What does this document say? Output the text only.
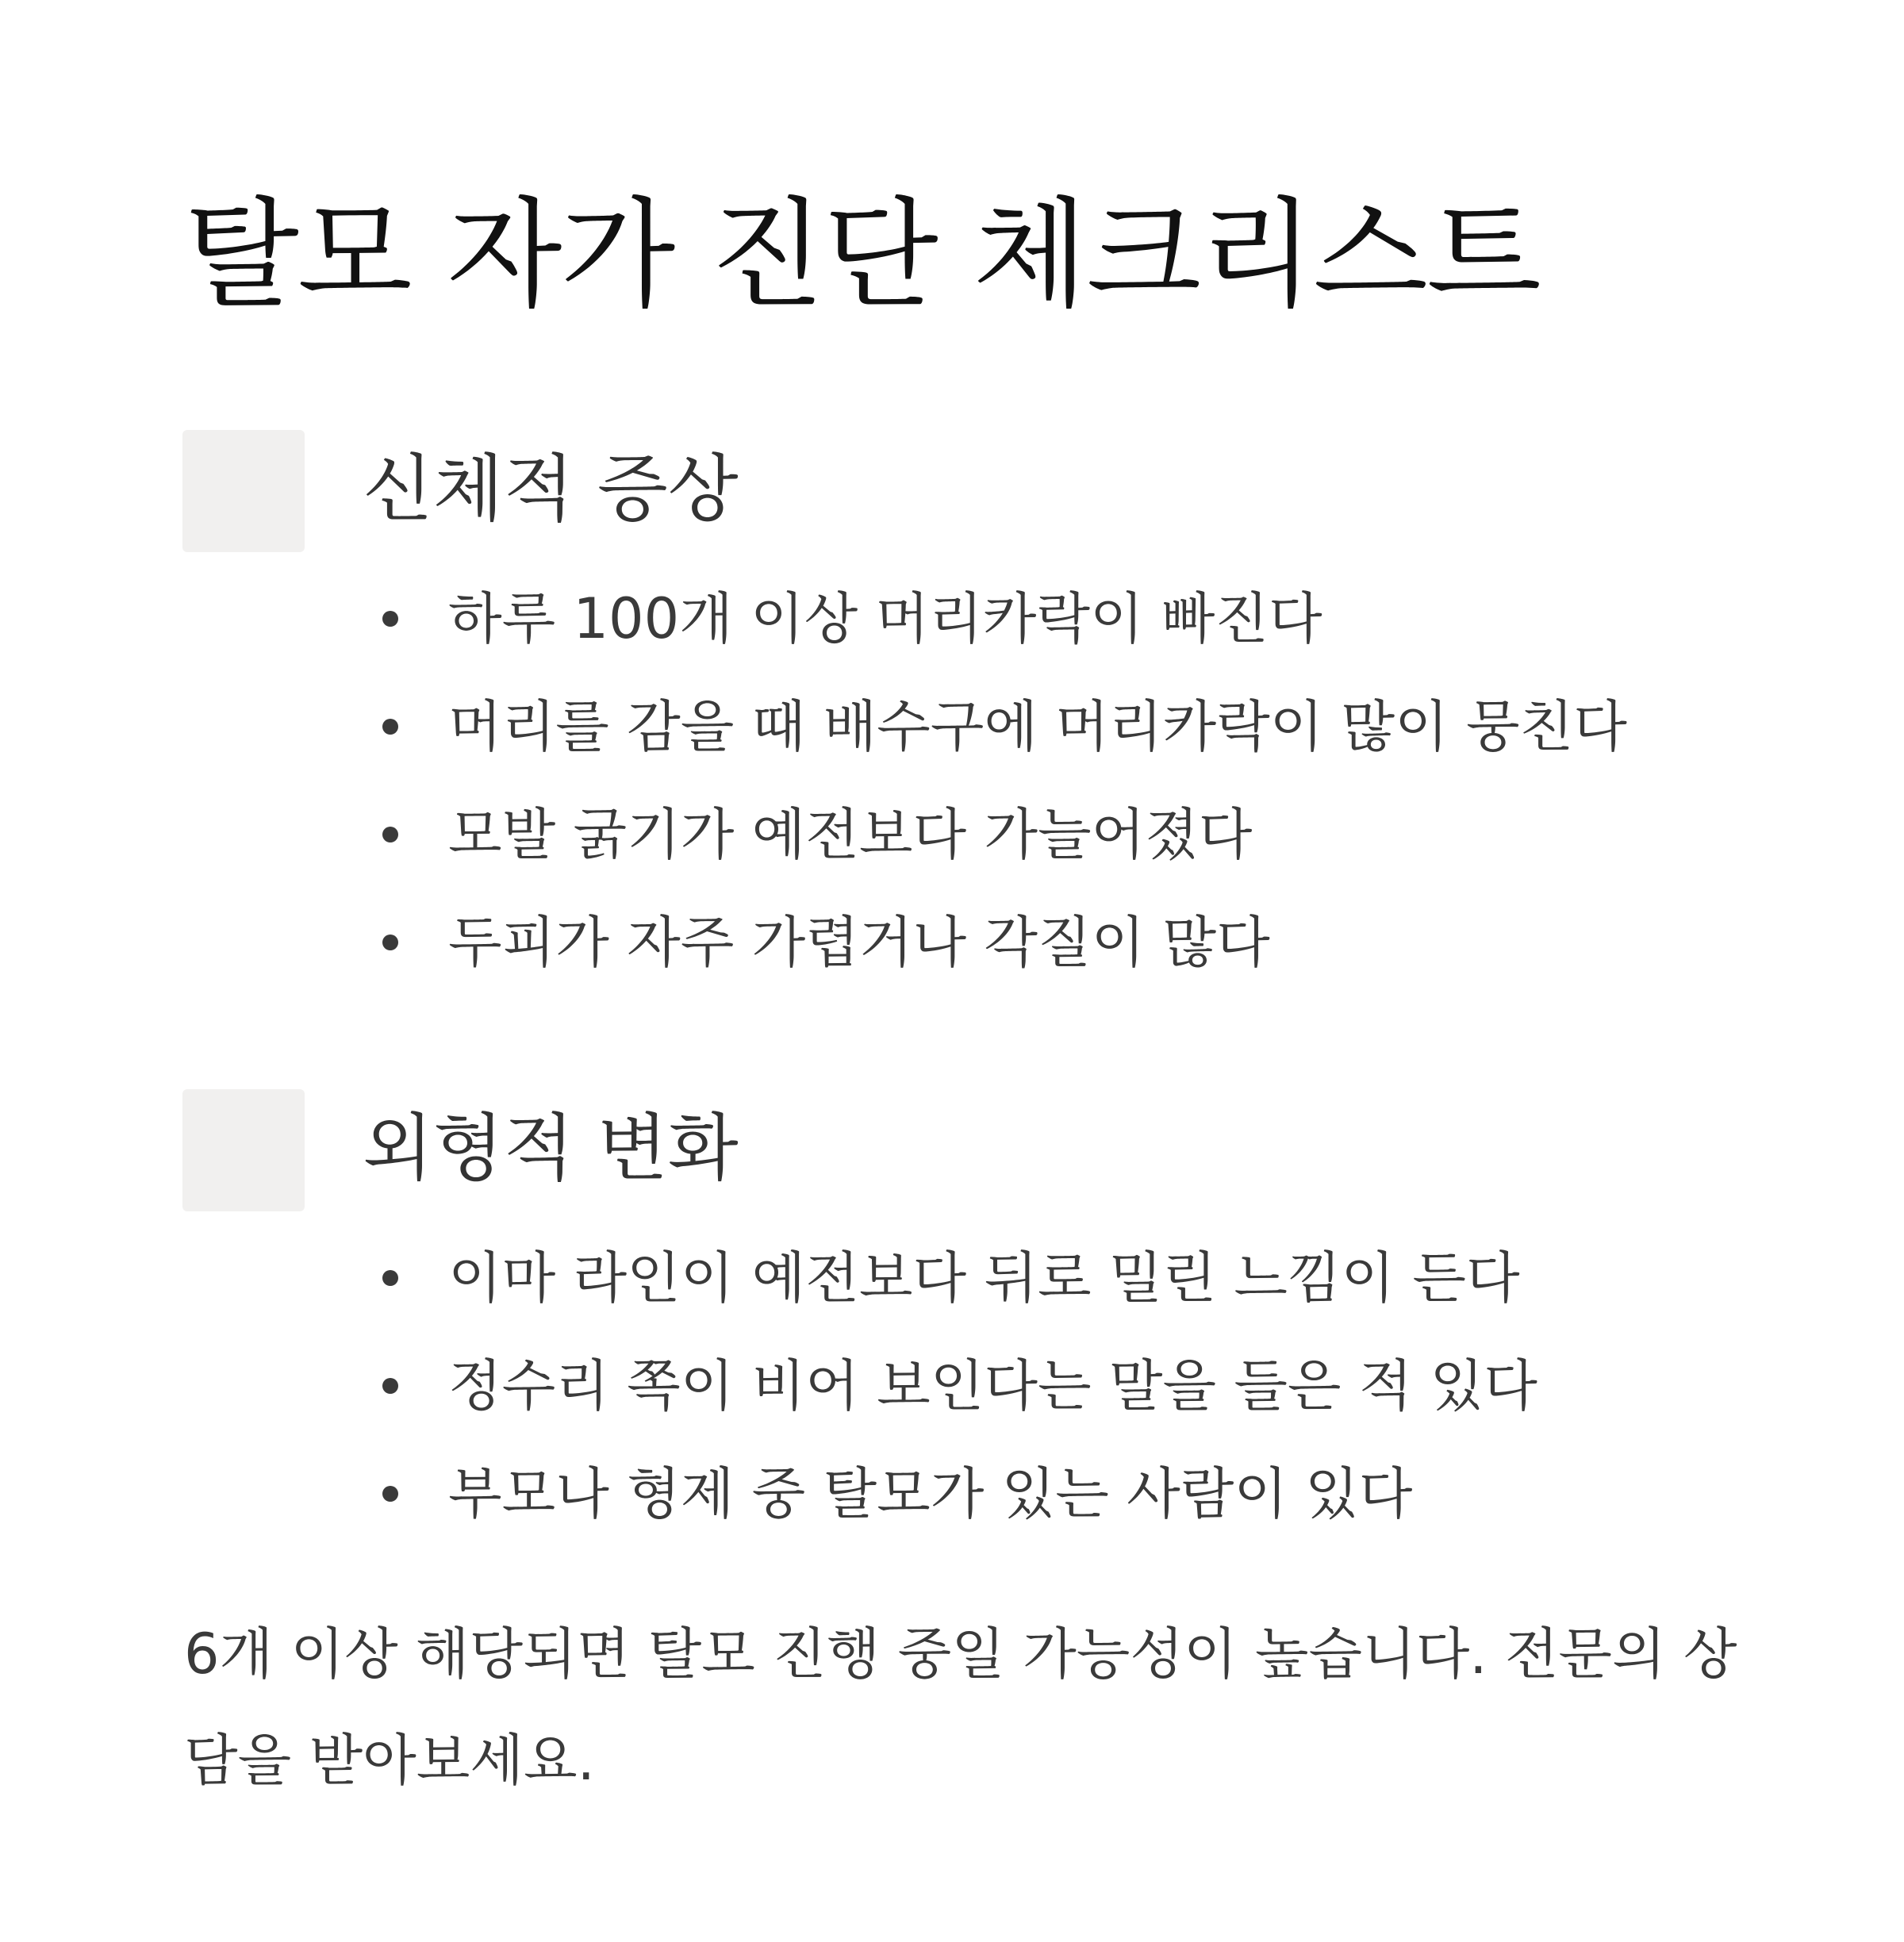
탈모 자가 진단 체크리스트
신체적 증상
하루 100개 이상 머리카락이 빠진다
머리를 감을 때 배수구에 머리카락이 많이 뭉친다
모발 굵기가 예전보다 가늘어졌다
두피가 자주 가렵거나 각질이 많다
외형적 변화
이마 라인이 예전보다 뒤로 밀린 느낌이 든다
정수리 쪽이 비어 보인다는 말을 들은 적 있다
부모나 형제 중 탈모가 있는 사람이 있다

6개 이상 해당되면 탈모 진행 중일 가능성이 높습니다. 전문의 상담을 받아보세요.
